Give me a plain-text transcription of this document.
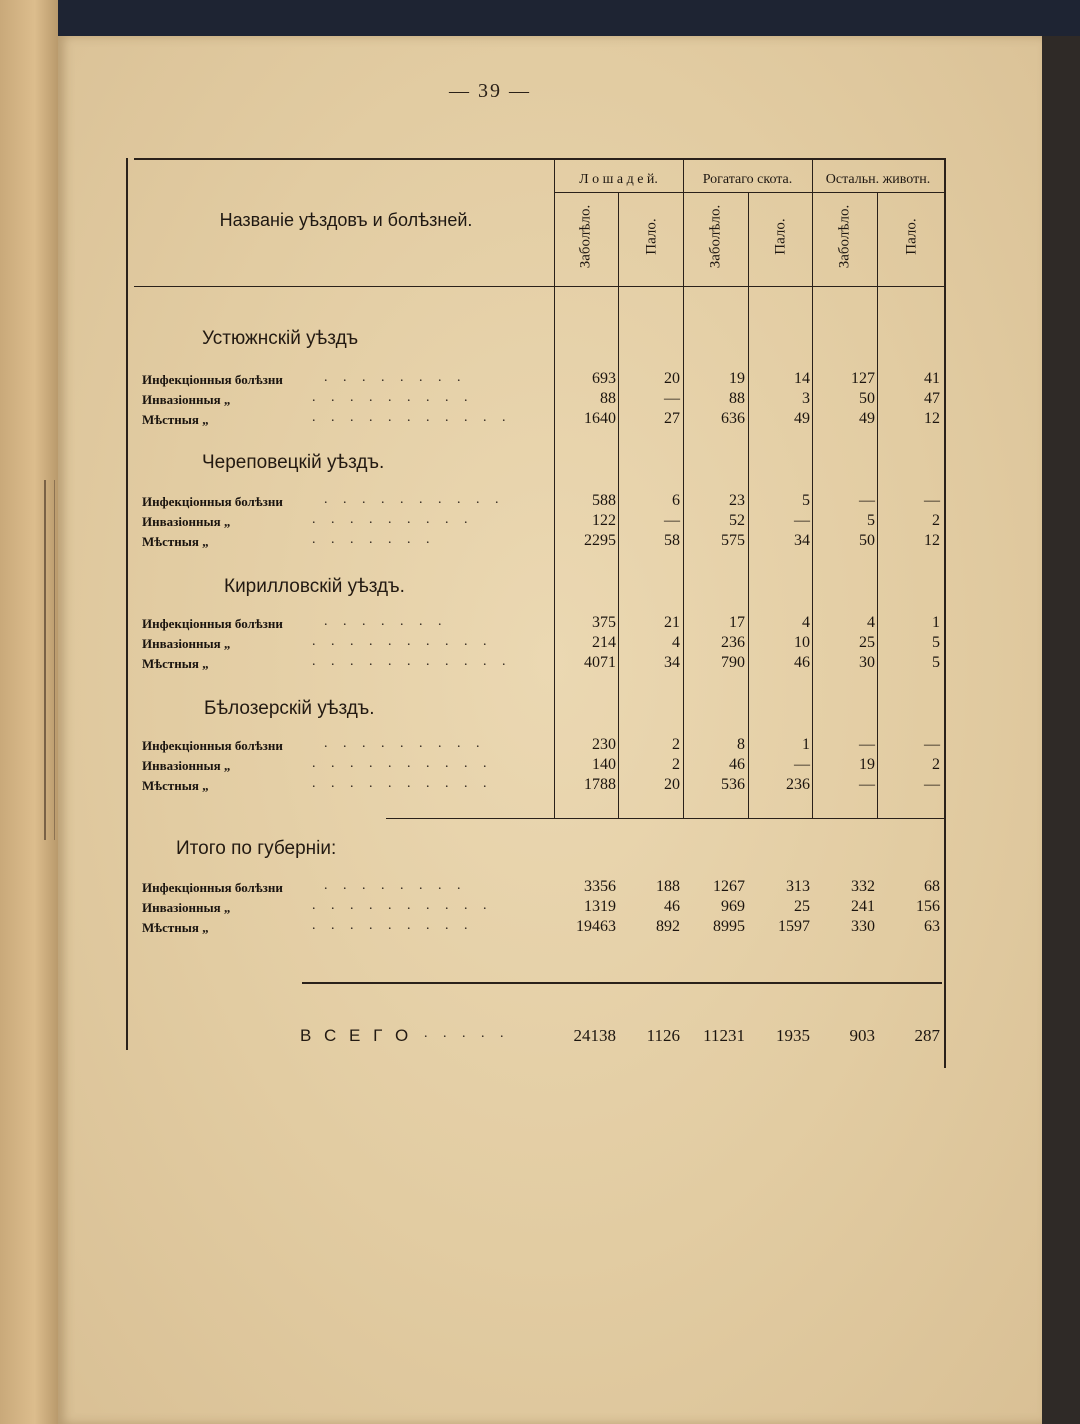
— 39 —
Названіе уѣздовъ и болѣзней.
Л о ш а д е й.	Рогатаго скота.	Остальн. животн.
Заболѣло.	Пало.	Заболѣло.	Пало.	Заболѣло.	Пало.
Устюжнскій уѣздъ
Инфекціонныя болѣзни	. . . . . . . .	693	20	19	14	127	41
Инвазіонныя „	. . . . . . . . .	88	—	88	3	50	47
Мѣстныя „	. . . . . . . . . . .	1640	27	636	49	49	12
Череповецкій уѣздъ.
Инфекціонныя болѣзни	. . . . . . . . . .	588	6	23	5	—	—
Инвазіонныя „	. . . . . . . . .	122	—	52	—	5	2
Мѣстныя „	. . . . . . .	2295	58	575	34	50	12
Кирилловскій уѣздъ.
Инфекціонныя болѣзни	. . . . . . .	375	21	17	4	4	1
Инвазіонныя „	. . . . . . . . . .	214	4	236	10	25	5
Мѣстныя „	. . . . . . . . . . .	4071	34	790	46	30	5
Бѣлозерскій уѣздъ.
Инфекціонныя болѣзни	. . . . . . . . .	230	2	8	1	—	—
Инвазіонныя „	. . . . . . . . . .	140	2	46	—	19	2
Мѣстныя „	. . . . . . . . . .	1788	20	536	236	—	—
Итого по губерніи:
Инфекціонныя болѣзни	. . . . . . . .	3356	188	1267	313	332	68
Инвазіонныя „	. . . . . . . . . .	1319	46	969	25	241	156
Мѣстныя „	. . . . . . . . .	19463	892	8995	1597	330	63
В С Е Г О . . . . .	24138	1126	11231	1935	903	287
